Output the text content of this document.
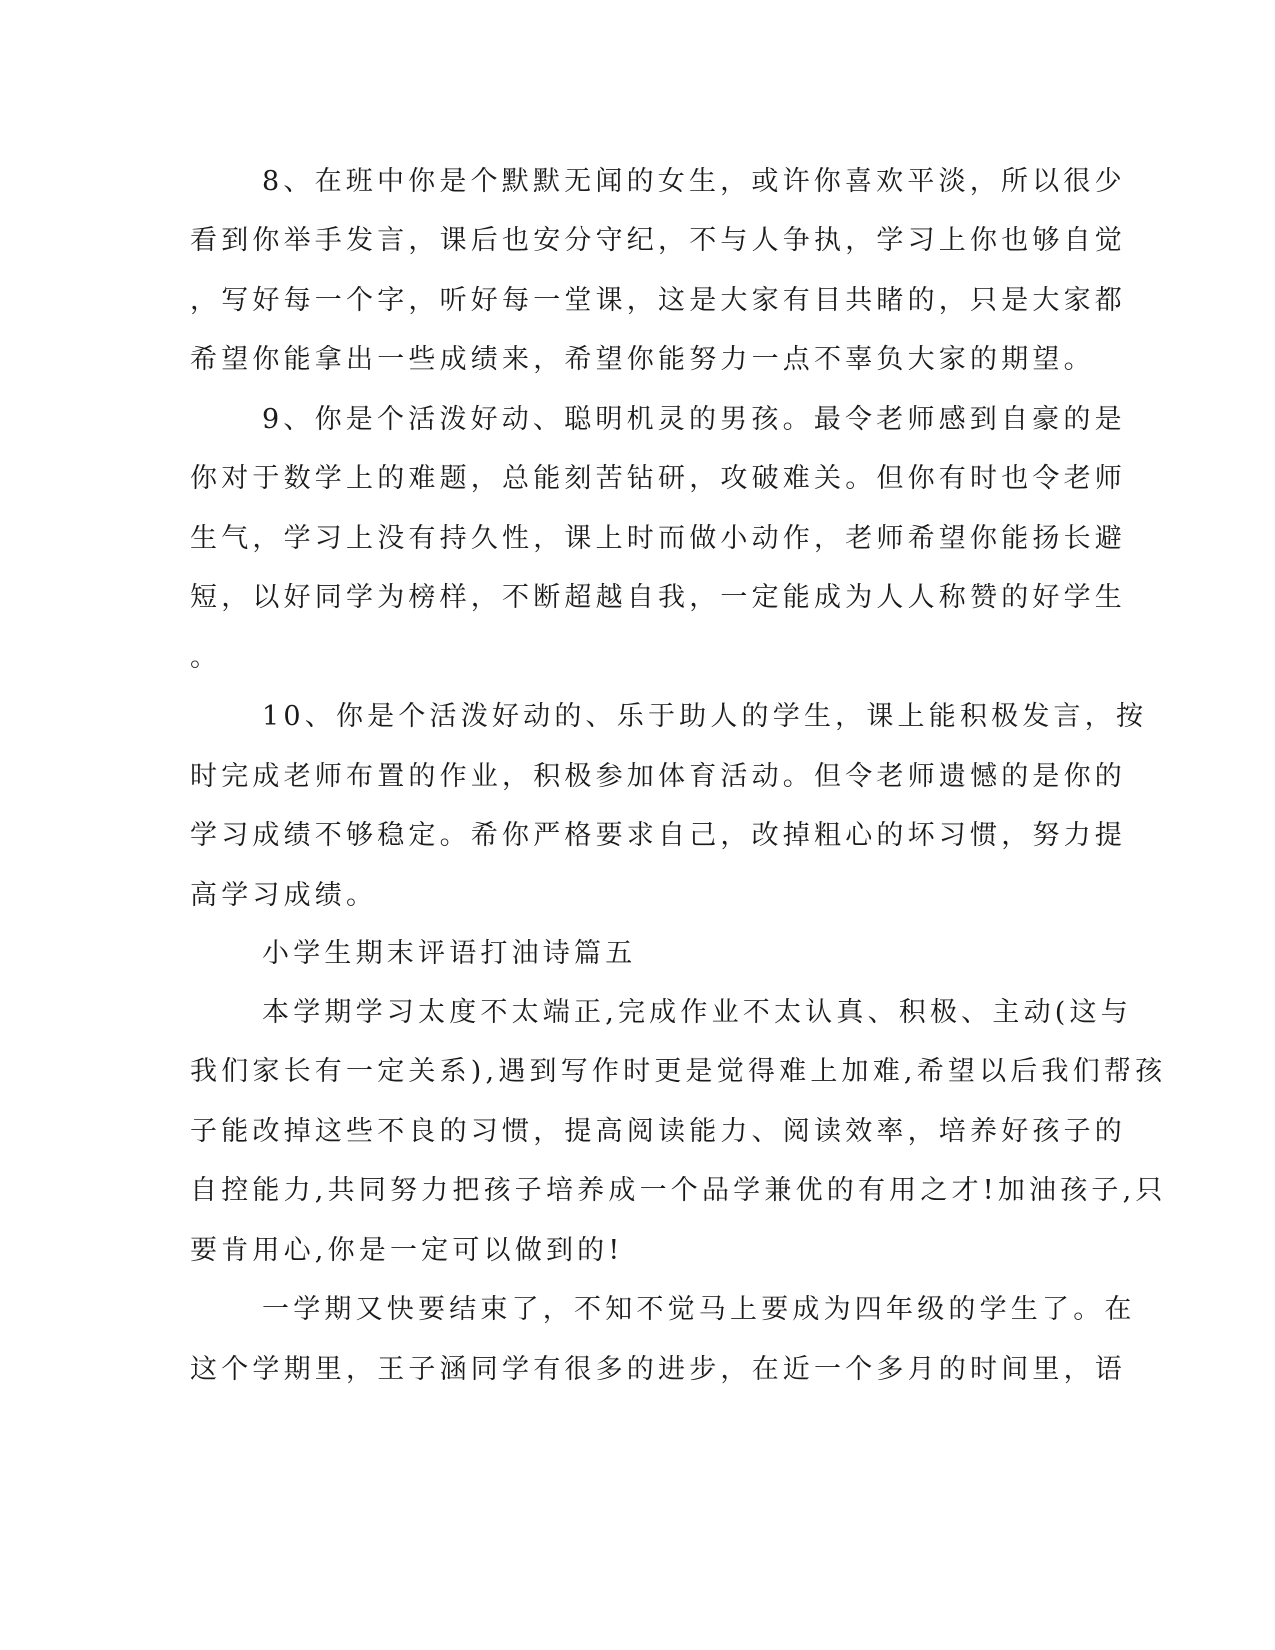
8、在班中你是个默默无闻的女生，或许你喜欢平淡，所以很少
看到你举手发言，课后也安分守纪，不与人争执，学习上你也够自觉
，写好每一个字，听好每一堂课，这是大家有目共睹的，只是大家都
希望你能拿出一些成绩来，希望你能努力一点不辜负大家的期望。
9、你是个活泼好动、聪明机灵的男孩。最令老师感到自豪的是
你对于数学上的难题，总能刻苦钻研，攻破难关。但你有时也令老师
生气，学习上没有持久性，课上时而做小动作，老师希望你能扬长避
短，以好同学为榜样，不断超越自我，一定能成为人人称赞的好学生
。
10、你是个活泼好动的、乐于助人的学生，课上能积极发言，按
时完成老师布置的作业，积极参加体育活动。但令老师遗憾的是你的
学习成绩不够稳定。希你严格要求自己，改掉粗心的坏习惯，努力提
高学习成绩。
小学生期末评语打油诗篇五
本学期学习太度不太端正,完成作业不太认真、积极、主动(这与
我们家长有一定关系),遇到写作时更是觉得难上加难,希望以后我们帮孩
子能改掉这些不良的习惯，提高阅读能力、阅读效率，培养好孩子的
自控能力,共同努力把孩子培养成一个品学兼优的有用之才!加油孩子,只
要肯用心,你是一定可以做到的!
一学期又快要结束了，不知不觉马上要成为四年级的学生了。在
这个学期里，王子涵同学有很多的进步，在近一个多月的时间里，语
